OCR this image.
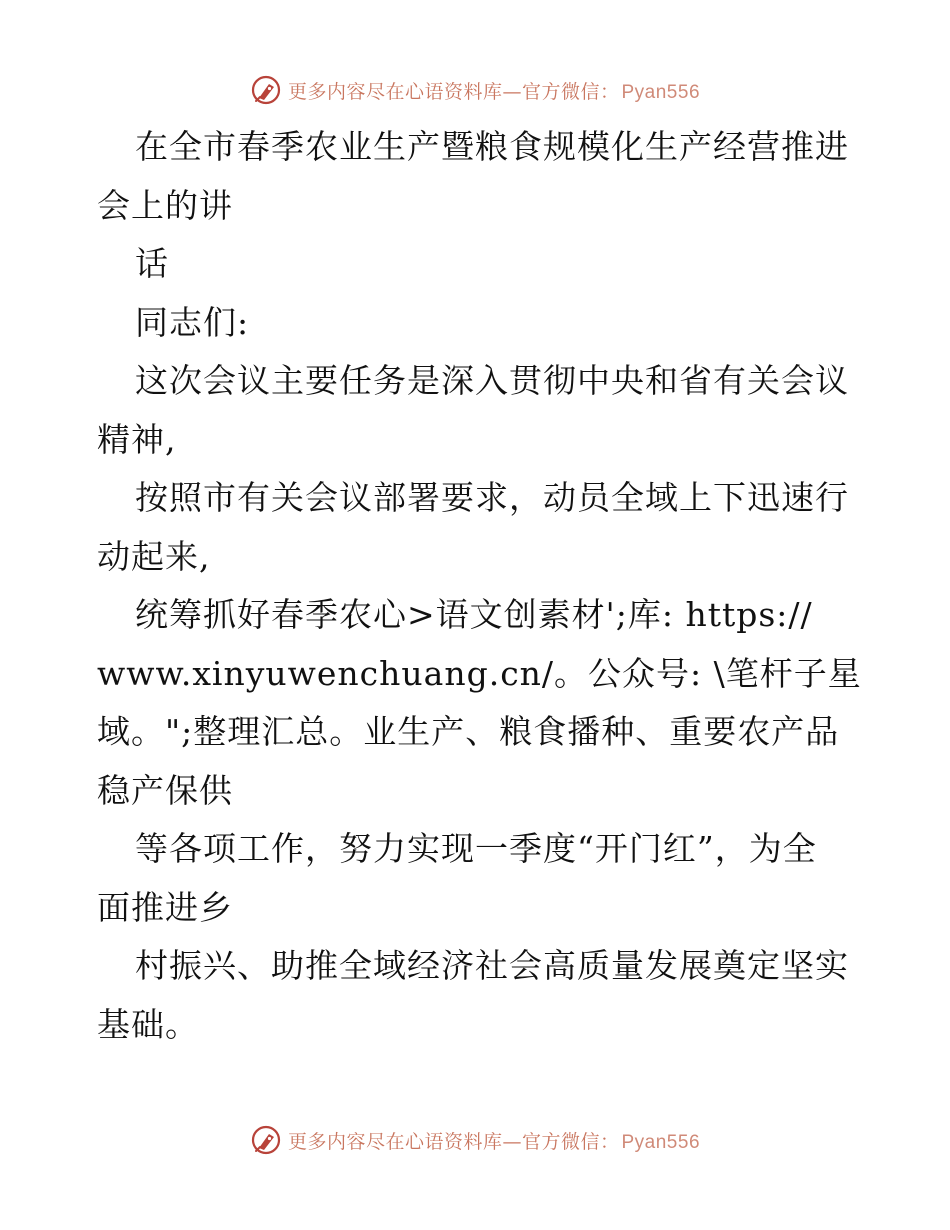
更多内容尽在心语资料库—官方微信： Pyan556
在全市春季农业生产暨粮食规模化生产经营推进
会上的讲
话
同志们:
这次会议主要任务是深入贯彻中央和省有关会议
精神,
按照市有关会议部署要求，动员全域上下迅速行
动起来,
统筹抓好春季农心>语文创素材';库: https://
www.xinyuwenchuang.cn/。公众号: \笔杆子星
域。";整理汇总。业生产、粮食播种、重要农产品
稳产保供
等各项工作，努力实现一季度“开门红”，为全
面推进乡
村振兴、助推全域经济社会高质量发展奠定坚实
基础。
更多内容尽在心语资料库—官方微信： Pyan556
